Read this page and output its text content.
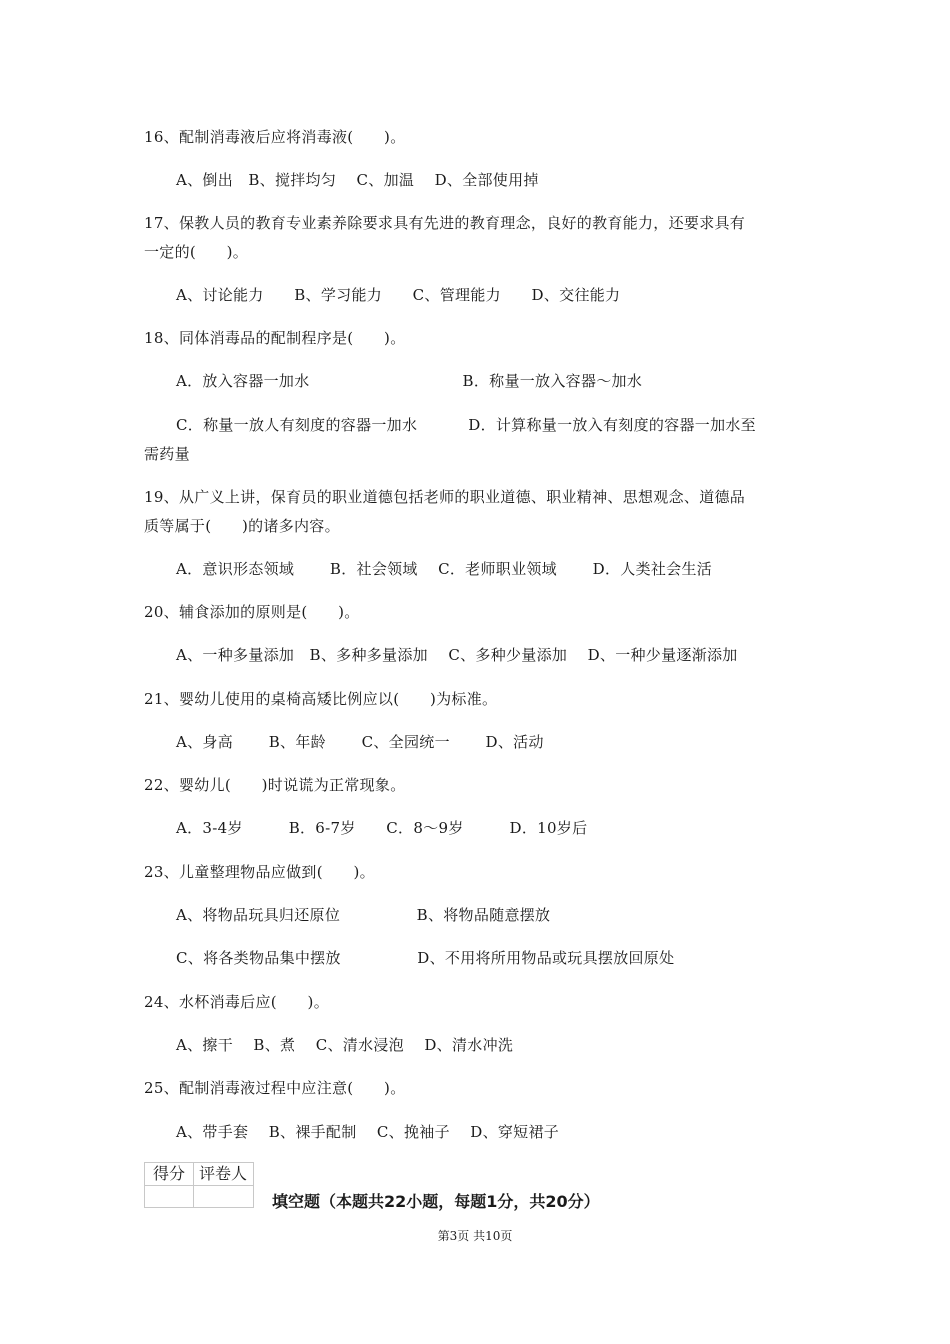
16、配制消毒液后应将消毒液(　　)。
A、倒出　B、搅拌均匀　 C、加温　 D、全部使用掉
17、保教人员的教育专业素养除要求具有先进的教育理念，良好的教育能力，还要求具有
一定的(　　)。
A、讨论能力　　B、学习能力　　C、管理能力　　D、交往能力
18、同体消毒品的配制程序是(　　)。
A．放入容器一加水　　　　　　　　　　B．称量一放入容器～加水
C．称量一放人有刻度的容器一加水　　　 D．计算称量一放入有刻度的容器一加水至
需药量
19、从广义上讲，保育员的职业道德包括老师的职业道德、职业精神、思想观念、道德品
质等属于(　　)的诸多内容。
A．意识形态领域　　 B．社会领域　 C．老师职业领域　　 D．人类社会生活
20、辅食添加的原则是(　　)。
A、一种多量添加　B、多种多量添加　 C、多种少量添加　 D、一种少量逐渐添加
21、婴幼儿使用的桌椅高矮比例应以(　　)为标准。
A、身高　　 B、年龄　　 C、全园统一　　 D、活动
22、婴幼儿(　　)时说谎为正常现象。
A．3-4岁　　　B．6-7岁　　C．8～9岁　　　D．10岁后
23、儿童整理物品应做到(　　)。
A、将物品玩具归还原位　　　　　B、将物品随意摆放
C、将各类物品集中摆放　　　　　D、不用将所用物品或玩具摆放回原处
24、水杯消毒后应(　　)。
A、擦干　 B、煮　 C、清水浸泡　 D、清水冲洗
25、配制消毒液过程中应注意(　　)。
A、带手套　 B、裸手配制　 C、挽袖子　 D、穿短裙子
得分 评卷人
填空题（本题共22小题，每题1分，共20分）
第3页 共10页
